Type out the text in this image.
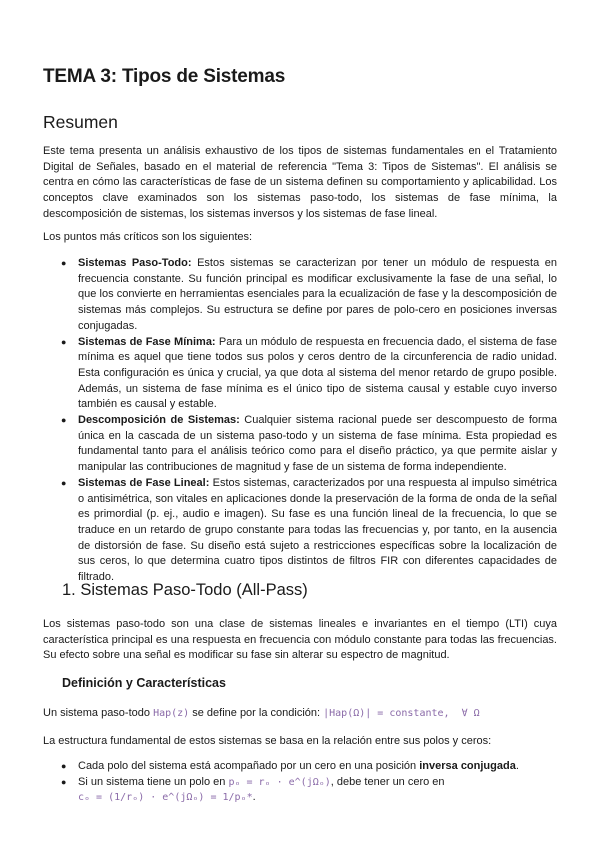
TEMA 3: Tipos de Sistemas
Resumen

Este tema presenta un análisis exhaustivo de los tipos de sistemas fundamentales en el Tratamiento Digital de Señales, basado en el material de referencia "Tema 3: Tipos de Sistemas". El análisis se centra en cómo las características de fase de un sistema definen su comportamiento y aplicabilidad. Los conceptos clave examinados son los sistemas paso-todo, los sistemas de fase mínima, la descomposición de sistemas, los sistemas inversos y los sistemas de fase lineal.

Los puntos más críticos son los siguientes:

● Sistemas Paso-Todo: Estos sistemas se caracterizan por tener un módulo de respuesta en frecuencia constante. Su función principal es modificar exclusivamente la fase de una señal, lo que los convierte en herramientas esenciales para la ecualización de fase y la descomposición de sistemas más complejos. Su estructura se define por pares de polo-cero en posiciones inversas conjugadas.
● Sistemas de Fase Mínima: Para un módulo de respuesta en frecuencia dado, el sistema de fase mínima es aquel que tiene todos sus polos y ceros dentro de la circunferencia de radio unidad. Esta configuración es única y crucial, ya que dota al sistema del menor retardo de grupo posible. Además, un sistema de fase mínima es el único tipo de sistema causal y estable cuyo inverso también es causal y estable.
● Descomposición de Sistemas: Cualquier sistema racional puede ser descompuesto de forma única en la cascada de un sistema paso-todo y un sistema de fase mínima. Esta propiedad es fundamental tanto para el análisis teórico como para el diseño práctico, ya que permite aislar y manipular las contribuciones de magnitud y fase de un sistema de forma independiente.
● Sistemas de Fase Lineal: Estos sistemas, caracterizados por una respuesta al impulso simétrica o antisimétrica, son vitales en aplicaciones donde la preservación de la forma de onda de la señal es primordial (p. ej., audio e imagen). Su fase es una función lineal de la frecuencia, lo que se traduce en un retardo de grupo constante para todas las frecuencias y, por tanto, en la ausencia de distorsión de fase. Su diseño está sujeto a restricciones específicas sobre la localización de sus ceros, lo que determina cuatro tipos distintos de filtros FIR con diferentes capacidades de filtrado.
1. Sistemas Paso-Todo (All-Pass)

Los sistemas paso-todo son una clase de sistemas lineales e invariantes en el tiempo (LTI) cuya característica principal es una respuesta en frecuencia con módulo constante para todas las frecuencias. Su efecto sobre una señal es modificar su fase sin alterar su espectro de magnitud.

Definición y Características

Un sistema paso-todo Hap(z) se define por la condición: |Hap(Ω)| = constante,  ∀ Ω

La estructura fundamental de estos sistemas se basa en la relación entre sus polos y ceros:

● Cada polo del sistema está acompañado por un cero en una posición inversa conjugada.
● Si un sistema tiene un polo en pₒ = rₒ · e^(jΩₒ), debe tener un cero en cₒ = (1/rₒ) · e^(jΩₒ) = 1/pₒ*.
